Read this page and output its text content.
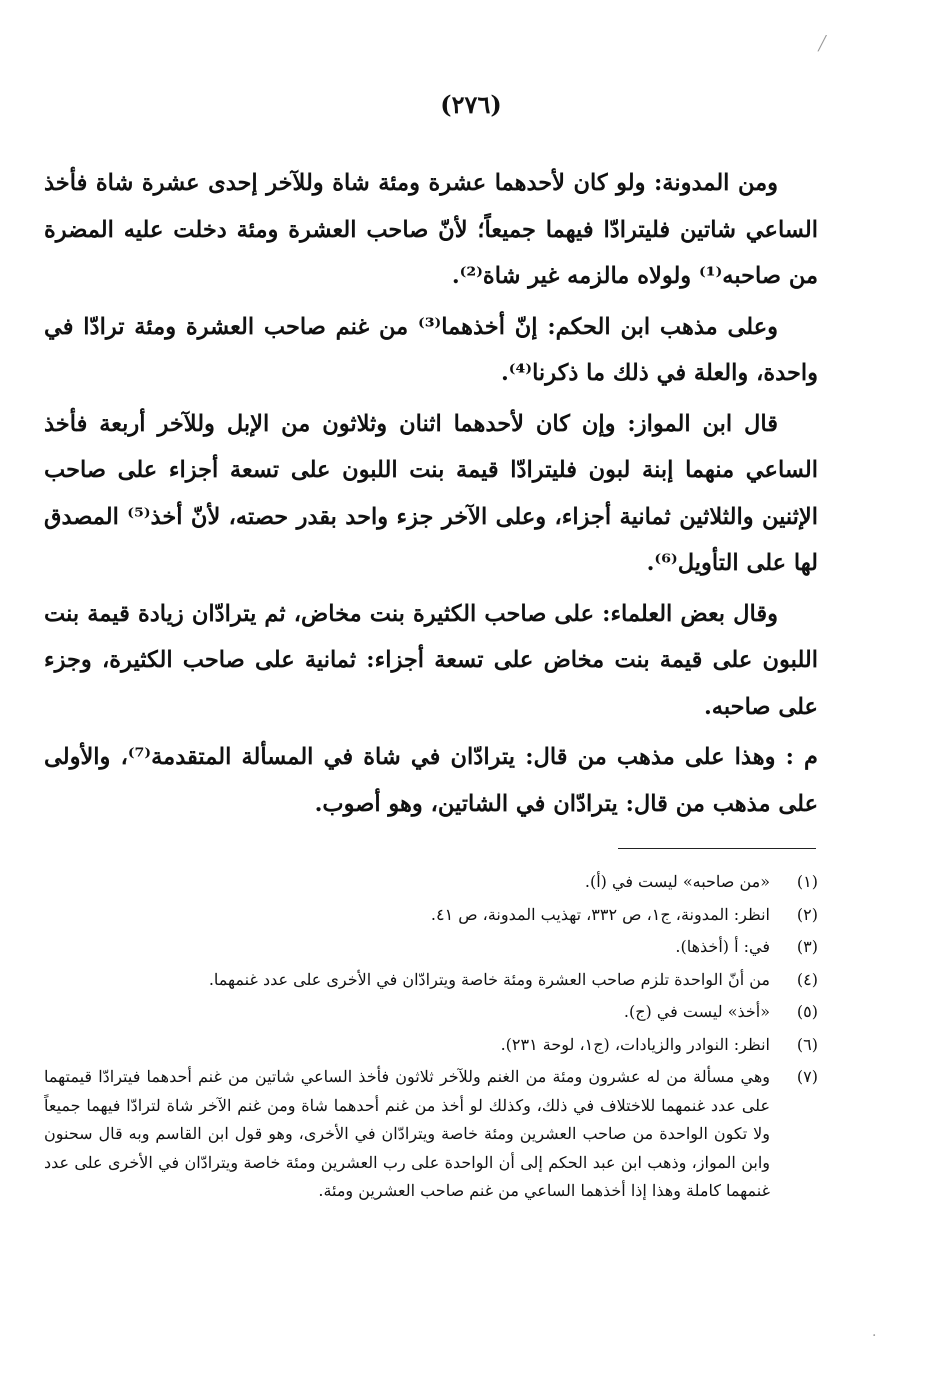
╱
·
(٢٧٦)

ومن المدونة: ولو كان لأحدهما عشرة ومئة شاة وللآخر إحدى عشرة شاة فأخذ الساعي شاتين فليترادّا فيهما جميعاً؛ لأنّ صاحب العشرة ومئة دخلت عليه المضرة من صاحبه⁽¹⁾ ولولاه مالزمه غير شاة⁽²⁾.

وعلى مذهب ابن الحكم: إنّ أخذهما⁽³⁾ من غنم صاحب العشرة ومئة ترادّا في واحدة، والعلة في ذلك ما ذكرنا⁽⁴⁾.

قال ابن المواز: وإن كان لأحدهما اثنان وثلاثون من الإبل وللآخر أربعة فأخذ الساعي منهما إبنة لبون فليترادّا قيمة بنت اللبون على تسعة أجزاء على صاحب الإثنين والثلاثين ثمانية أجزاء، وعلى الآخر جزء واحد بقدر حصته، لأنّ أخذ⁽⁵⁾ المصدق لها على التأويل⁽⁶⁾.

وقال بعض العلماء: على صاحب الكثيرة بنت مخاض، ثم يترادّان زيادة قيمة بنت اللبون على قيمة بنت مخاض على تسعة أجزاء: ثمانية على صاحب الكثيرة، وجزء على صاحبه.

م : وهذا على مذهب من قال: يترادّان في شاة في المسألة المتقدمة⁽⁷⁾، والأولى على مذهب من قال: يترادّان في الشاتين، وهو أصوب.

(١)
«من صاحبه» ليست في (أ).
(٢)
انظر: المدونة، ج١، ص ٣٣٢، تهذيب المدونة، ص ٤١.
(٣)
في: أ (أخذها).
(٤)
من أنّ الواحدة تلزم صاحب العشرة ومئة خاصة ويترادّان في الأخرى على عدد غنمهما.
(٥)
«أخذ» ليست في (ج).
(٦)
انظر: النوادر والزيادات، (ج١، لوحة ٢٣١).
(٧)
وهي مسألة من له عشرون ومئة من الغنم وللآخر ثلاثون فأخذ الساعي شاتين من غنم أحدهما فيترادّا قيمتهما على عدد غنمهما للاختلاف في ذلك، وكذلك لو أخذ من غنم أحدهما شاة ومن غنم الآخر شاة لترادّا فيهما جميعاً ولا تكون الواحدة من صاحب العشرين ومئة خاصة ويترادّان في الأخرى، وهو قول ابن القاسم وبه قال سحنون وابن المواز، وذهب ابن عبد الحكم إلى أن الواحدة على رب العشرين ومئة خاصة ويترادّان في الأخرى على عدد غنمهما كاملة وهذا إذا أخذهما الساعي من غنم صاحب العشرين ومئة.
